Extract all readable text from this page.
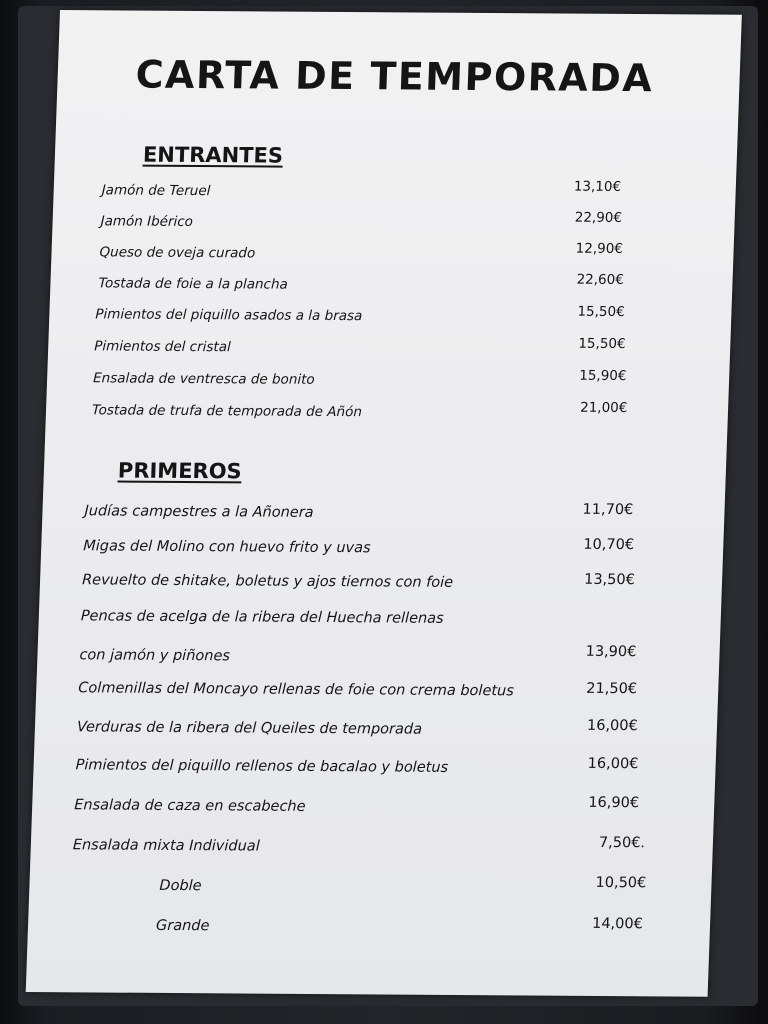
CARTA DE TEMPORADA
ENTRANTES
Jamón de Teruel	13,10€
Jamón Ibérico	22,90€
Queso de oveja curado	12,90€
Tostada de foie a la plancha	22,60€
Pimientos del piquillo asados a la brasa	15,50€
Pimientos del cristal	15,50€
Ensalada de ventresca de bonito	15,90€
Tostada de trufa de temporada de Añón	21,00€
PRIMEROS
Judías campestres a la Añonera	11,70€
Migas del Molino con huevo frito y uvas	10,70€
Revuelto de shitake, boletus y ajos tiernos con foie	13,50€
Pencas de acelga de la ribera del Huecha rellenas
con jamón y piñones	13,90€
Colmenillas del Moncayo rellenas de foie con crema boletus	21,50€
Verduras de la ribera del Queiles de temporada	16,00€
Pimientos del piquillo rellenos de bacalao y boletus	16,00€
Ensalada de caza en escabeche	16,90€
Ensalada mixta Individual	7,50€.
Doble	10,50€
Grande	14,00€
